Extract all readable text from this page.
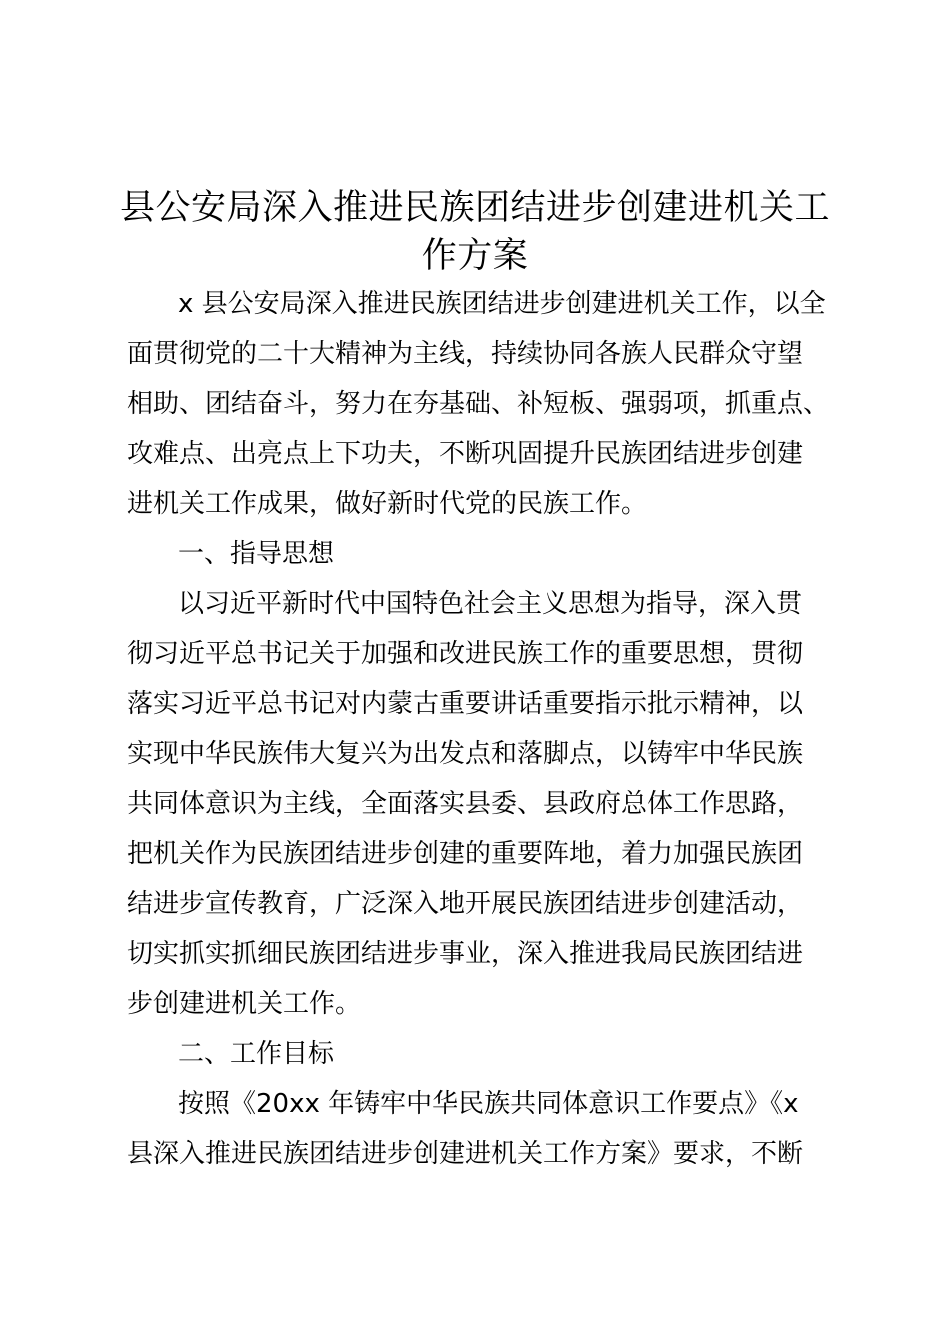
县公安局深入推进民族团结进步创建进机关工
作方案
x 县公安局深入推进民族团结进步创建进机关工作，以全
面贯彻党的二十大精神为主线，持续协同各族人民群众守望
相助、团结奋斗，努力在夯基础、补短板、强弱项，抓重点、
攻难点、出亮点上下功夫，不断巩固提升民族团结进步创建
进机关工作成果，做好新时代党的民族工作。
一、指导思想
以习近平新时代中国特色社会主义思想为指导，深入贯
彻习近平总书记关于加强和改进民族工作的重要思想，贯彻
落实习近平总书记对内蒙古重要讲话重要指示批示精神，以
实现中华民族伟大复兴为出发点和落脚点，以铸牢中华民族
共同体意识为主线，全面落实县委、县政府总体工作思路，
把机关作为民族团结进步创建的重要阵地，着力加强民族团
结进步宣传教育，广泛深入地开展民族团结进步创建活动，
切实抓实抓细民族团结进步事业，深入推进我局民族团结进
步创建进机关工作。
二、工作目标
按照《20xx 年铸牢中华民族共同体意识工作要点》《x
县深入推进民族团结进步创建进机关工作方案》要求，不断
